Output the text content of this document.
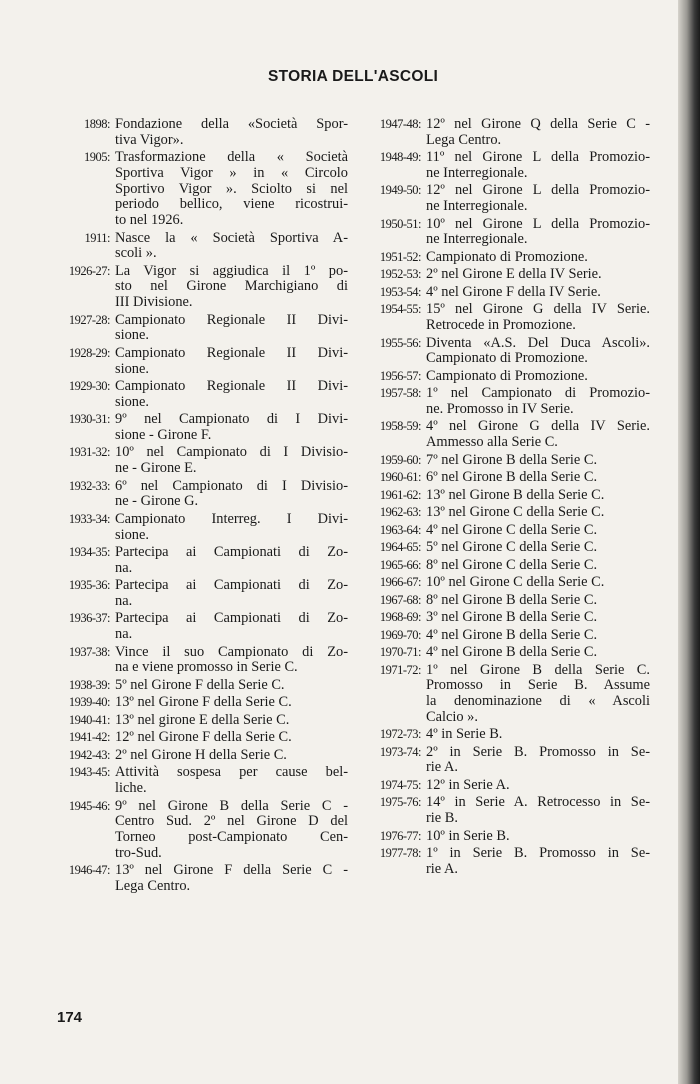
STORIA DELL'ASCOLI
1898: Fondazione della «Società Spor-
tiva Vigor».
1905: Trasformazione della « Società
Sportiva Vigor » in « Circolo
Sportivo Vigor ». Sciolto si nel
periodo bellico, viene ricostrui-
to nel 1926.
1911: Nasce la « Società Sportiva A-
scoli ».
1926-27: La Vigor si aggiudica il 1º po-
sto nel Girone Marchigiano di
III Divisione.
1927-28: Campionato Regionale II Divi-
sione.
1928-29: Campionato Regionale II Divi-
sione.
1929-30: Campionato Regionale II Divi-
sione.
1930-31: 9º nel Campionato di I Divi-
sione - Girone F.
1931-32: 10º nel Campionato di I Divisio-
ne - Girone E.
1932-33: 6º nel Campionato di I Divisio-
ne - Girone G.
1933-34: Campionato Interreg. I Divi-
sione.
1934-35: Partecipa ai Campionati di Zo-
na.
1935-36: Partecipa ai Campionati di Zo-
na.
1936-37: Partecipa ai Campionati di Zo-
na.
1937-38: Vince il suo Campionato di Zo-
na e viene promosso in Serie C.
1938-39: 5º nel Girone F della Serie C.
1939-40: 13º nel Girone F della Serie C.
1940-41: 13º nel girone E della Serie C.
1941-42: 12º nel Girone F della Serie C.
1942-43: 2º nel Girone H della Serie C.
1943-45: Attività sospesa per cause bel-
liche.
1945-46: 9º nel Girone B della Serie C -
Centro Sud. 2º nel Girone D del
Torneo post-Campionato Cen-
tro-Sud.
1946-47: 13º nel Girone F della Serie C -
Lega Centro.
1947-48: 12º nel Girone Q della Serie C -
Lega Centro.
1948-49: 11º nel Girone L della Promozio-
ne Interregionale.
1949-50: 12º nel Girone L della Promozio-
ne Interregionale.
1950-51: 10º nel Girone L della Promozio-
ne Interregionale.
1951-52: Campionato di Promozione.
1952-53: 2º nel Girone E della IV Serie.
1953-54: 4º nel Girone F della IV Serie.
1954-55: 15º nel Girone G della IV Serie.
Retrocede in Promozione.
1955-56: Diventa «A.S. Del Duca Ascoli».
Campionato di Promozione.
1956-57: Campionato di Promozione.
1957-58: 1º nel Campionato di Promozio-
ne. Promosso in IV Serie.
1958-59: 4º nel Girone G della IV Serie.
Ammesso alla Serie C.
1959-60: 7º nel Girone B della Serie C.
1960-61: 6º nel Girone B della Serie C.
1961-62: 13º nel Girone B della Serie C.
1962-63: 13º nel Girone C della Serie C.
1963-64: 4º nel Girone C della Serie C.
1964-65: 5º nel Girone C della Serie C.
1965-66: 8º nel Girone C della Serie C.
1966-67: 10º nel Girone C della Serie C.
1967-68: 8º nel Girone B della Serie C.
1968-69: 3º nel Girone B della Serie C.
1969-70: 4º nel Girone B della Serie C.
1970-71: 4º nel Girone B della Serie C.
1971-72: 1º nel Girone B della Serie C.
Promosso in Serie B. Assume
la denominazione di « Ascoli
Calcio ».
1972-73: 4º in Serie B.
1973-74: 2º in Serie B. Promosso in Se-
rie A.
1974-75: 12º in Serie A.
1975-76: 14º in Serie A. Retrocesso in Se-
rie B.
1976-77: 10º in Serie B.
1977-78: 1º in Serie B. Promosso in Se-
rie A.
174
